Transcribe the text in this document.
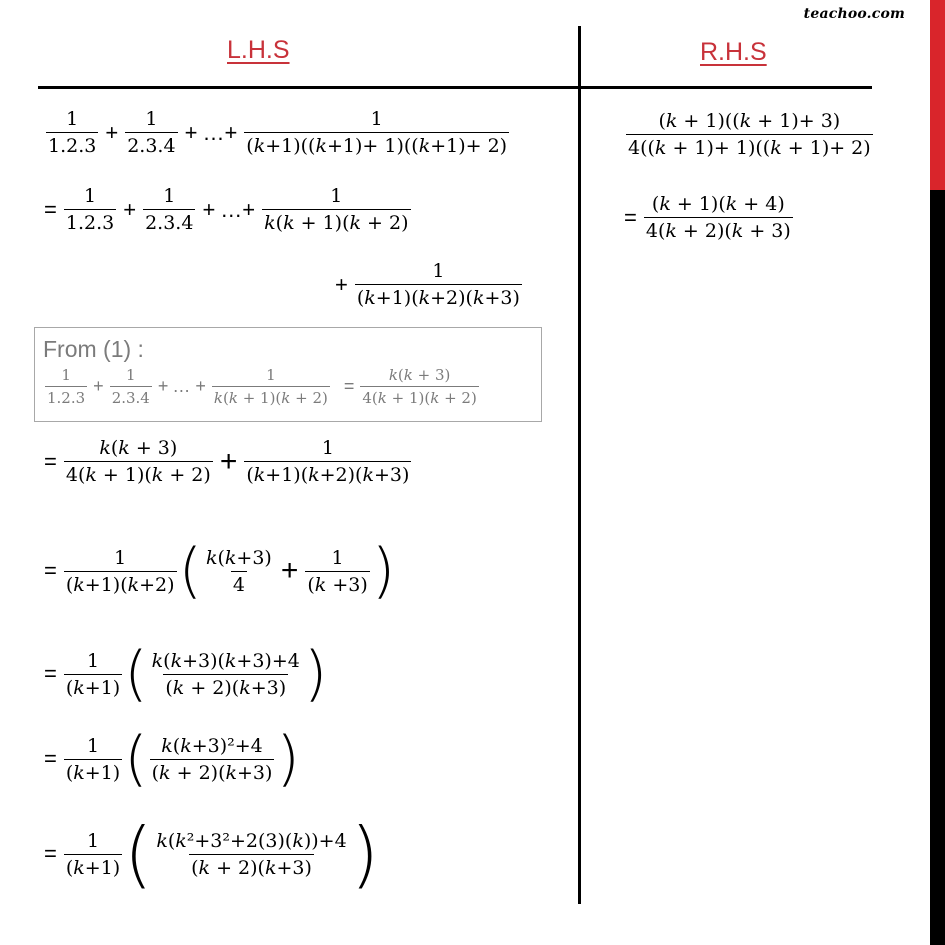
teachoo.com
L.H.S	R.H.S
$\frac{1}{1.2.3} + \frac{1}{2.3.4}$ + …+ $\frac{1}{\text{(𝑘+1)((𝑘+1)+ 1)((𝑘+1)+ 2)}}$
= $\frac{1}{1.2.3} + \frac{1}{2.3.4}$ + …+ $\frac{1}{\text{𝑘(𝑘 + 1)(𝑘 + 2)}}$
+ $\frac{1}{\text{(𝑘+1)(𝑘+2)(𝑘+3)}}$
From (1) :
$\frac{1}{1.2.3} + \frac{1}{2.3.4}$ + … + $\frac{1}{\text{𝑘(𝑘 + 1)(𝑘 + 2)}} = \frac{\text{𝑘(𝑘 + 3)}}{\text{4(𝑘 + 1)(𝑘 + 2)}}$
= $\frac{\text{𝑘(𝑘 + 3)}}{\text{4(𝑘 + 1)(𝑘 + 2)}} + \frac{1}{\text{(𝑘+1)(𝑘+2)(𝑘+3)}}$
= $\frac{1}{\text{(𝑘+1)(𝑘+2)}}$ ( $\frac{\text{𝑘(𝑘+3)}}{4} + \frac{1}{\text{(𝑘 +3)}}$ )
= $\frac{1}{\text{(𝑘+1)}}$ ( $\frac{\text{𝑘(𝑘+3)(𝑘+3)+4}}{\text{(𝑘 + 2)(𝑘+3)}}$ )
= $\frac{1}{\text{(𝑘+1)}}$ ( $\frac{\text{𝑘(𝑘+3)²+4}}{\text{(𝑘 + 2)(𝑘+3)}}$ )
= $\frac{1}{\text{(𝑘+1)}}$ ( $\frac{\text{𝑘(𝑘²+3²+2(3)(𝑘))+4}}{\text{(𝑘 + 2)(𝑘+3)}}$ )
$\frac{\text{(𝑘 + 1)((𝑘 + 1)+ 3)}}{\text{4((𝑘 + 1)+ 1)((𝑘 + 1)+ 2)}}$
= $\frac{\text{(𝑘 + 1)(𝑘 + 4)}}{\text{4(𝑘 + 2)(𝑘 + 3)}}$
